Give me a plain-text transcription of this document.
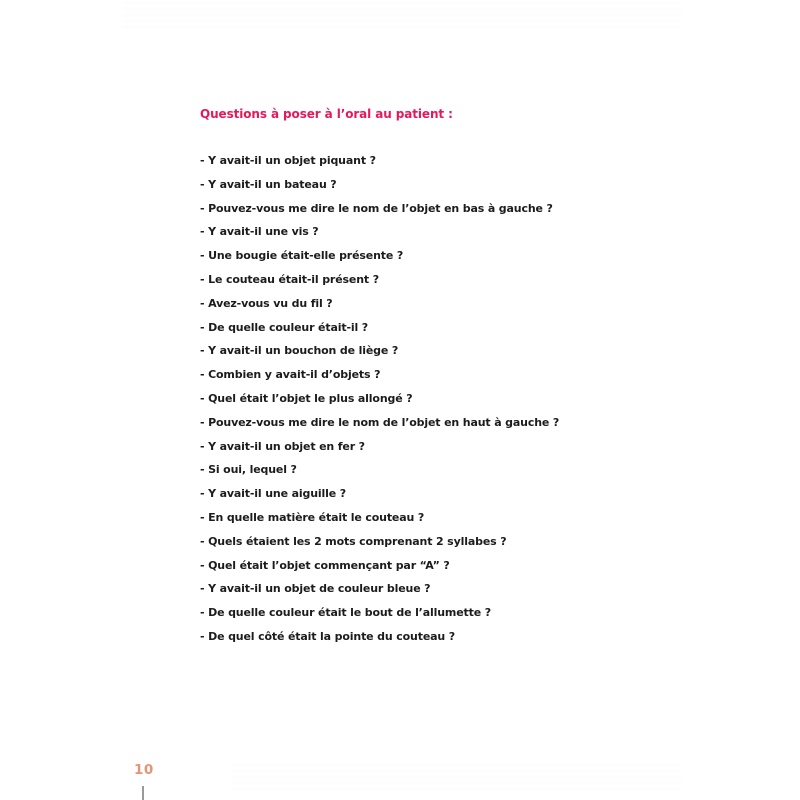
Questions à poser à l’oral au patient :
- Y avait-il un objet piquant ?
- Y avait-il un bateau ?
- Pouvez-vous me dire le nom de l’objet en bas à gauche ?
- Y avait-il une vis ?
- Une bougie était-elle présente ?
- Le couteau était-il présent ?
- Avez-vous vu du fil ?
- De quelle couleur était-il ?
- Y avait-il un bouchon de liège ?
- Combien y avait-il d’objets ?
- Quel était l’objet le plus allongé ?
- Pouvez-vous me dire le nom de l’objet en haut à gauche ?
- Y avait-il un objet en fer ?
- Si oui, lequel ?
- Y avait-il une aiguille ?
- En quelle matière était le couteau ?
- Quels étaient les 2 mots comprenant 2 syllabes ?
- Quel était l’objet commençant par “A” ?
- Y avait-il un objet de couleur bleue ?
- De quelle couleur était le bout de l’allumette ?
- De quel côté était la pointe du couteau ?
10
